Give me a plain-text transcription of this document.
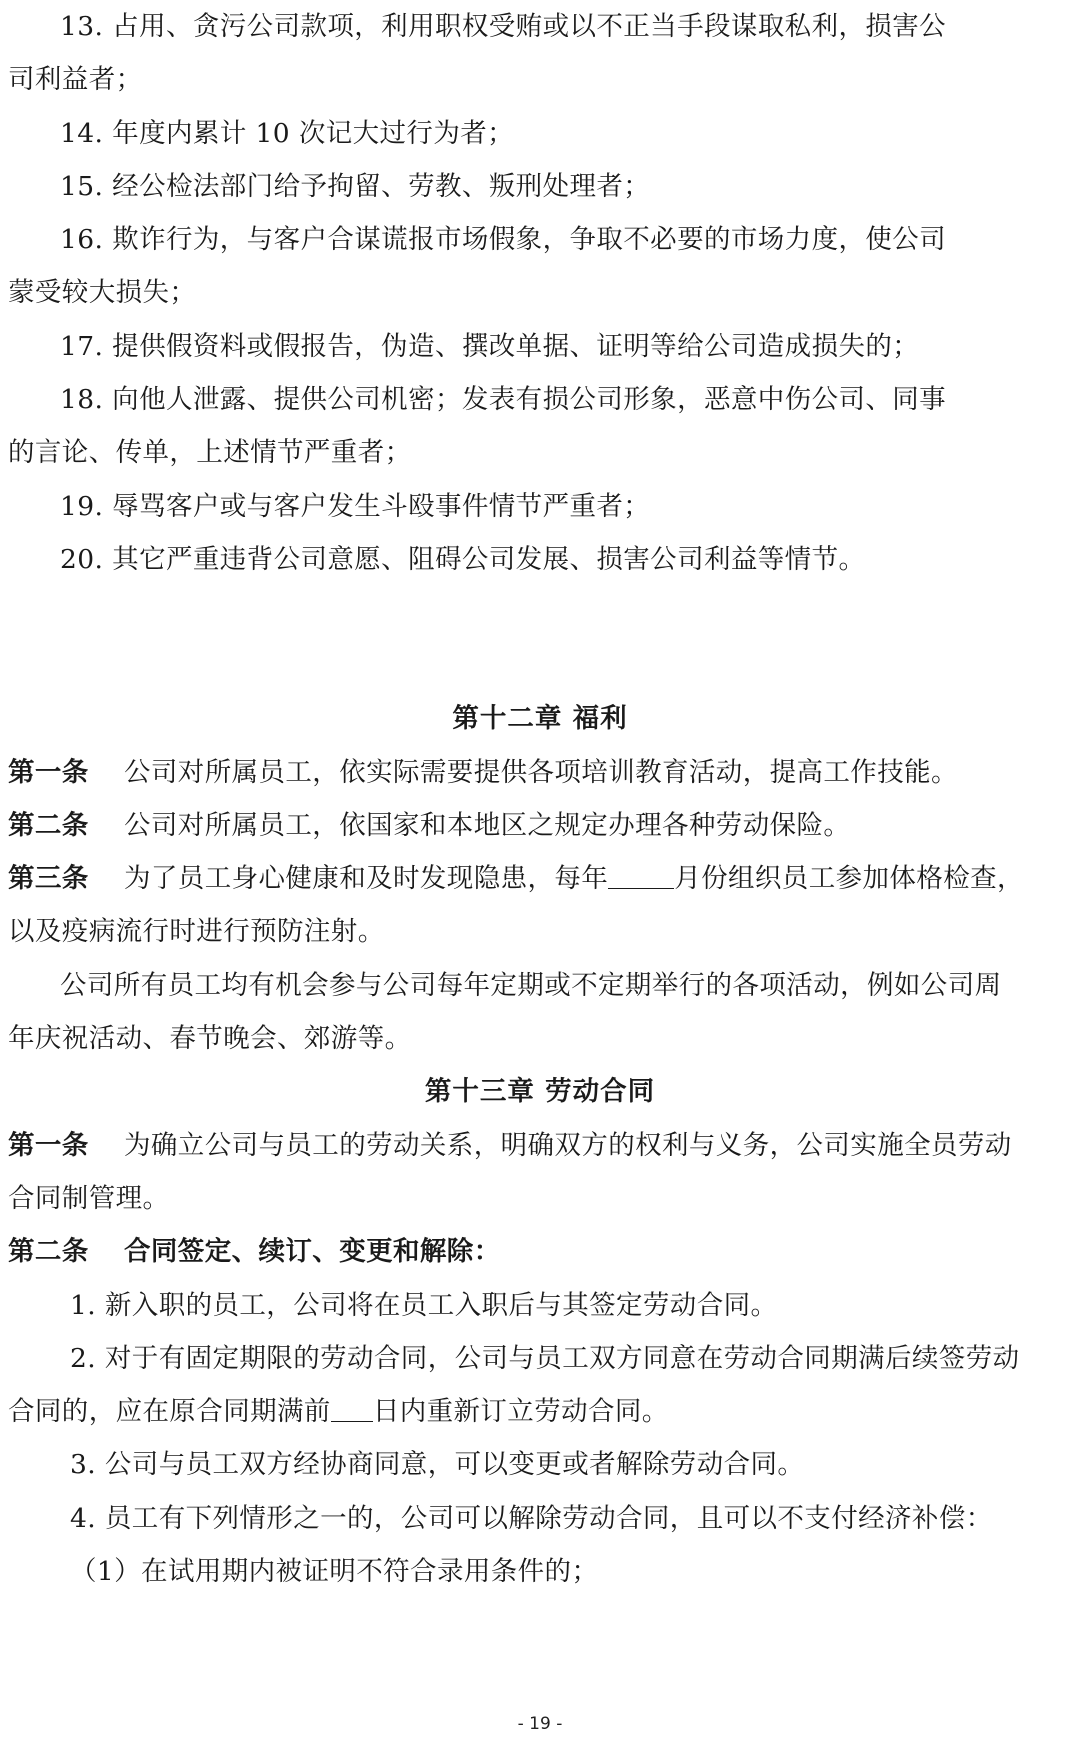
13. 占用、贪污公司款项，利用职权受贿或以不正当手段谋取私利，损害公
司利益者；
14. 年度内累计 10 次记大过行为者；
15. 经公检法部门给予拘留、劳教、叛刑处理者；
16. 欺诈行为，与客户合谋谎报市场假象，争取不必要的市场力度，使公司
蒙受较大损失；
17. 提供假资料或假报告，伪造、撰改单据、证明等给公司造成损失的；
18. 向他人泄露、提供公司机密；发表有损公司形象，恶意中伤公司、同事
的言论、传单，上述情节严重者；
19. 辱骂客户或与客户发生斗殴事件情节严重者；
20. 其它严重违背公司意愿、阻碍公司发展、损害公司利益等情节。
第十二章 福利
第一条 公司对所属员工，依实际需要提供各项培训教育活动，提高工作技能。
第二条 公司对所属员工，依国家和本地区之规定办理各种劳动保险。
第三条 为了员工身心健康和及时发现隐患，每年 月份组织员工参加体格检查，
以及疫病流行时进行预防注射。
公司所有员工均有机会参与公司每年定期或不定期举行的各项活动，例如公司周
年庆祝活动、春节晚会、郊游等。
第十三章 劳动合同
第一条 为确立公司与员工的劳动关系，明确双方的权利与义务，公司实施全员劳动
合同制管理。
第二条 合同签定、续订、变更和解除：
1. 新入职的员工，公司将在员工入职后与其签定劳动合同。
2. 对于有固定期限的劳动合同，公司与员工双方同意在劳动合同期满后续签劳动
合同的，应在原合同期满前 日内重新订立劳动合同。
3. 公司与员工双方经协商同意，可以变更或者解除劳动合同。
4. 员工有下列情形之一的，公司可以解除劳动合同，且可以不支付经济补偿：
（1）在试用期内被证明不符合录用条件的；
- 19 -
